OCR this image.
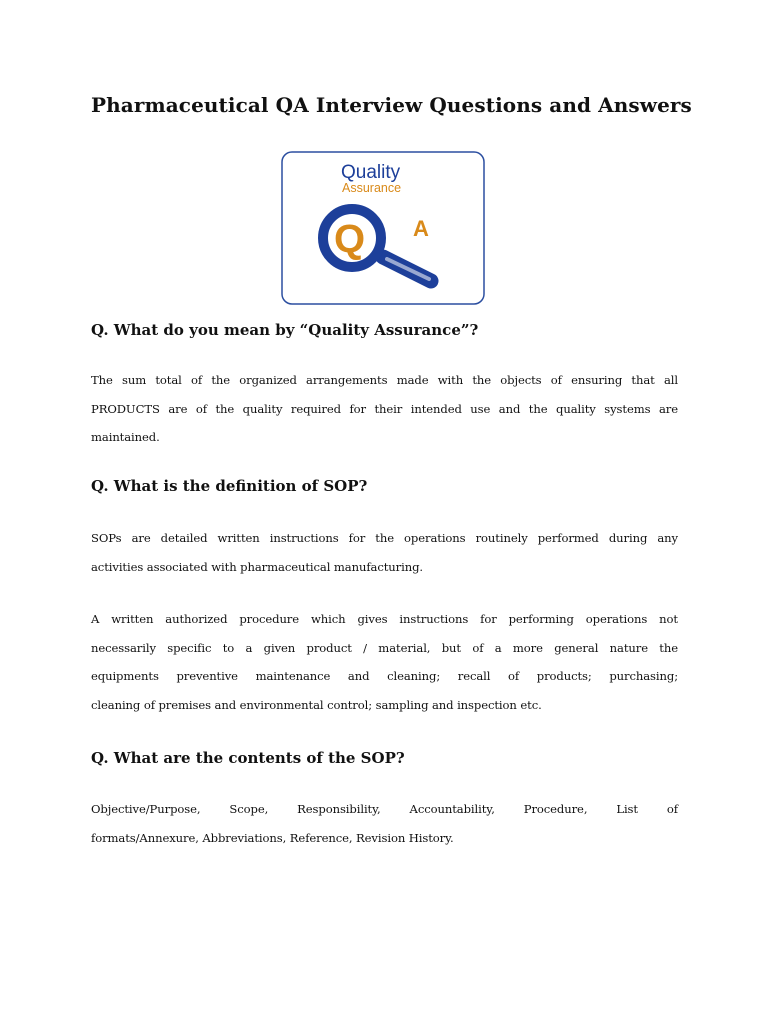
Pharmaceutical QA Interview Questions and Answers
Quality
Assurance
Q A
Q. What do you mean by “Quality Assurance”?

The sum total of the organized arrangements made with the objects of ensuring that all
PRODUCTS are of the quality required for their intended use and the quality systems are
maintained.

Q. What is the definition of SOP?

SOPs are detailed written instructions for the operations routinely performed during any
activities associated with pharmaceutical manufacturing.

A written authorized procedure which gives instructions for performing operations not
necessarily specific to a given product / material, but of a more general nature the
equipments preventive maintenance and cleaning; recall of products; purchasing;
cleaning of premises and environmental control; sampling and inspection etc.

Q. What are the contents of the SOP?

Objective/Purpose, Scope, Responsibility, Accountability, Procedure, List of
formats/Annexure, Abbreviations, Reference, Revision History.
